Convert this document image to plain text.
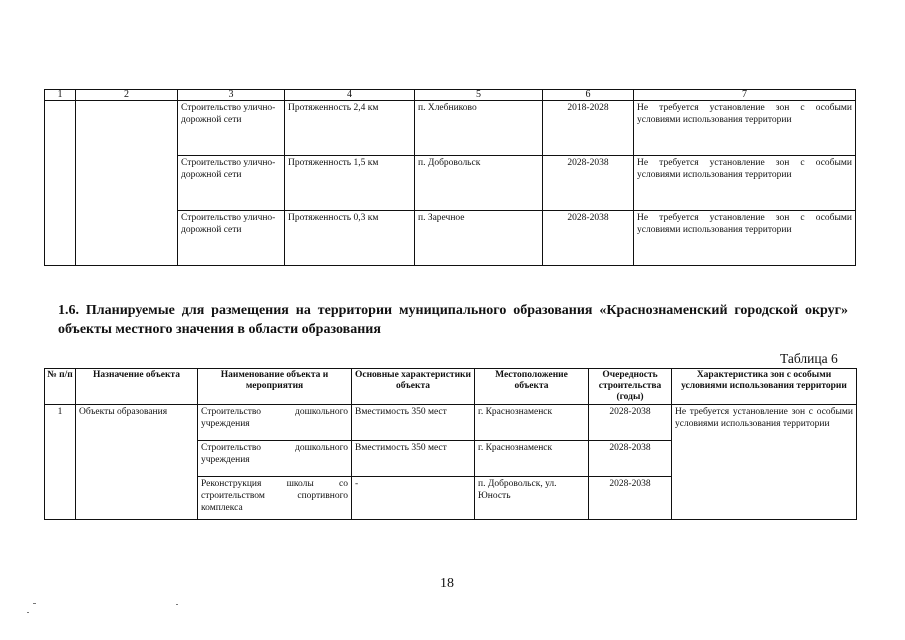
1	2	3	4	5	6	7
		Строительство улично-дорожной сети	Протяженность 2,4 км	п. Хлебниково	2018-2028	Не требуется установление зон с особыми условиями использования территории
		Строительство улично-дорожной сети	Протяженность 1,5 км	п. Добровольск	2028-2038	Не требуется установление зон с особыми условиями использования территории
		Строительство улично-дорожной сети	Протяженность 0,3 км	п. Заречное	2028-2038	Не требуется установление зон с особыми условиями использования территории
1.6. Планируемые для размещения на территории муниципального образования «Краснознаменский городской округ» объекты местного значения в области образования
Таблица 6
№ п/п	Назначение объекта	Наименование объекта и мероприятия	Основные характеристики объекта	Местоположение объекта	Очередность строительства (годы)	Характеристика зон с особыми условиями использования территории
1	Объекты образования	Строительство дошкольного учреждения	Вместимость 350 мест	г. Краснознаменск	2028-2038	Не требуется установление зон с особыми условиями использования территории
		Строительство дошкольного учреждения	Вместимость 350 мест	г. Краснознаменск	2028-2038	
		Реконструкция школы со строительством спортивного комплекса	-	п. Добровольск, ул. Юность	2028-2038	
18
